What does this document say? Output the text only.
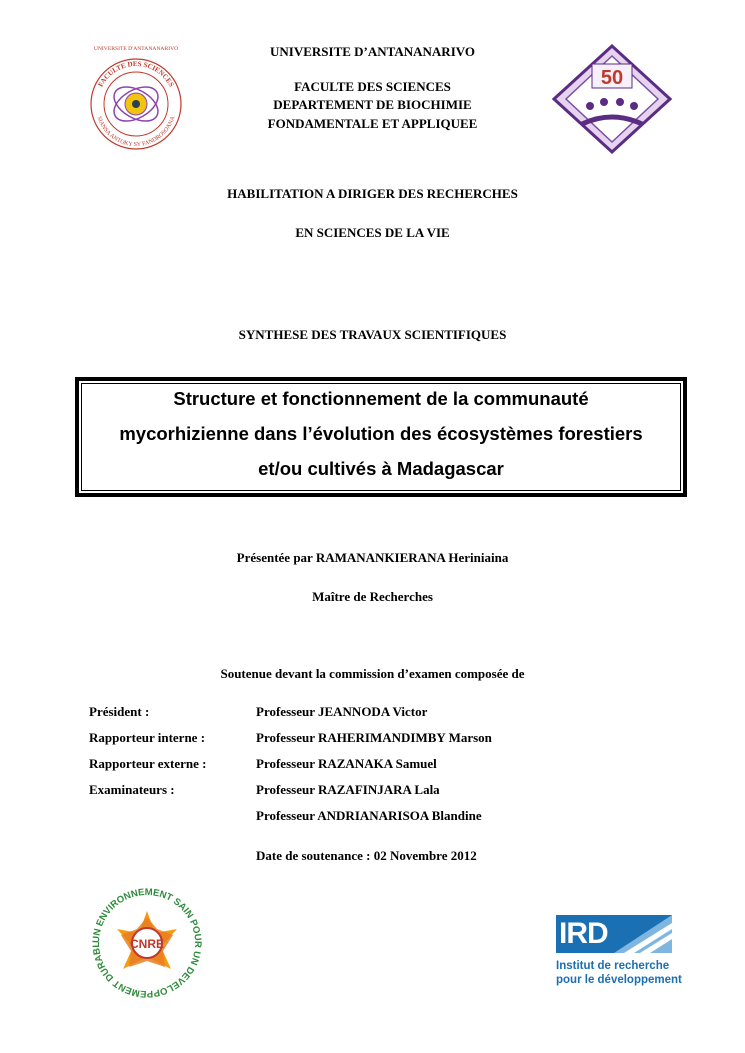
UNIVERSITE D'ANTANANARIVO
FACULTE DES SCIENCES
SIANSA ANTOKY SY FANDROSOANA
50
UNIVERSITE D’ANTANANARIVO
FACULTE DES SCIENCES
DEPARTEMENT DE BIOCHIMIE
FONDAMENTALE ET APPLIQUEE
HABILITATION A DIRIGER DES RECHERCHES
EN SCIENCES DE LA VIE
SYNTHESE DES TRAVAUX SCIENTIFIQUES
Structure et fonctionnement de la communauté
mycorhizienne dans l’évolution des écosystèmes forestiers
et/ou cultivés à Madagascar
Présentée par RAMANANKIERANA Heriniaina
Maître de Recherches
Soutenue devant la commission d’examen composée de
Président :	Professeur JEANNODA Victor
Rapporteur interne :	Professeur RAHERIMANDIMBY Marson
Rapporteur externe :	Professeur RAZANAKA Samuel
Examinateurs :	Professeur RAZAFINJARA Lala
Professeur ANDRIANARISOA Blandine
Date de soutenance : 02 Novembre 2012
UN ENVIRONNEMENT SAIN POUR UN DEVELOPPEMENT DURABL	CNRE	IRD
Institut de recherche
pour le développement
